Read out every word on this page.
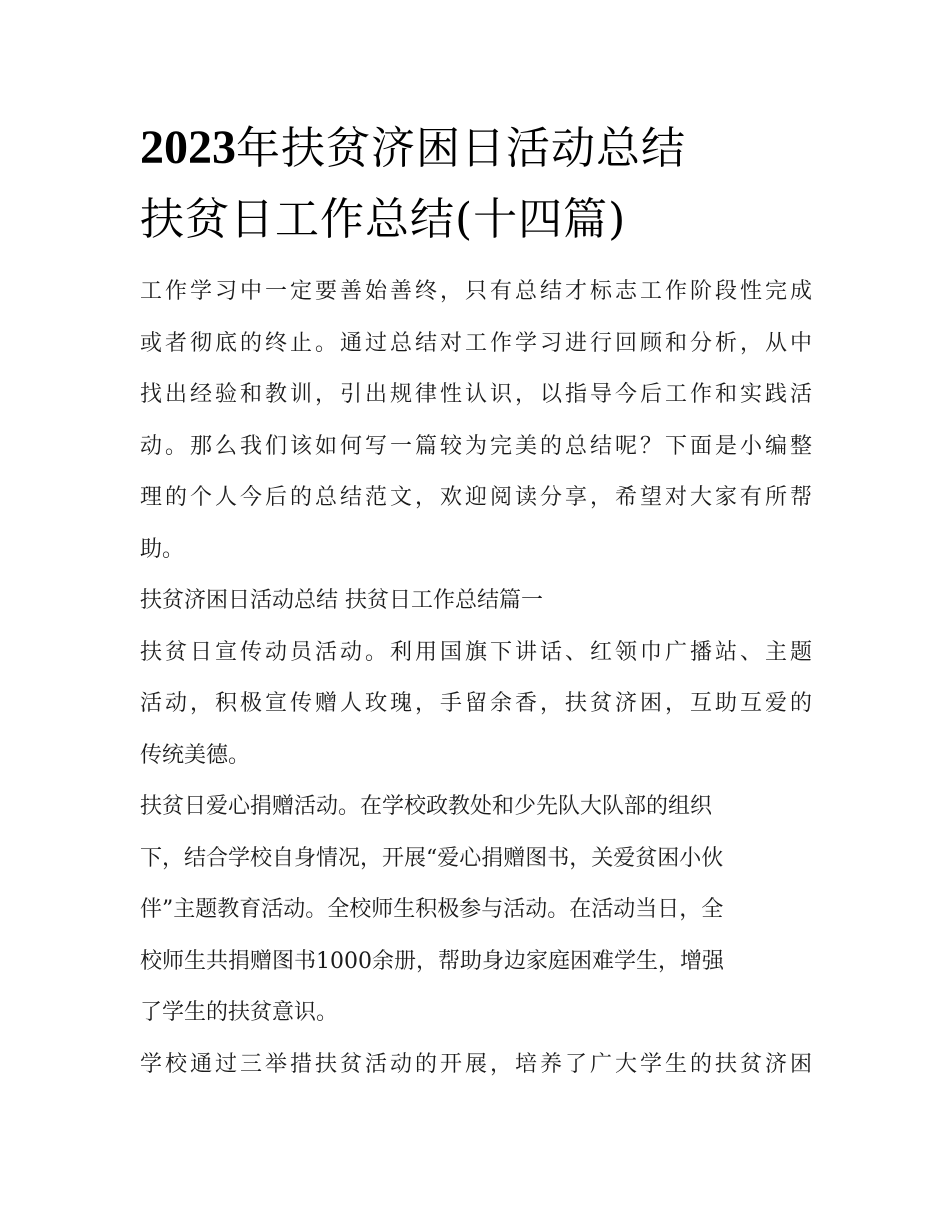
2023年扶贫济困日活动总结
扶贫日工作总结(十四篇)
工作学习中一定要善始善终，只有总结才标志工作阶段性完成
或者彻底的终止。通过总结对工作学习进行回顾和分析，从中
找出经验和教训，引出规律性认识，以指导今后工作和实践活
动。那么我们该如何写一篇较为完美的总结呢？下面是小编整
理的个人今后的总结范文，欢迎阅读分享，希望对大家有所帮
助。
扶贫济困日活动总结 扶贫日工作总结篇一
扶贫日宣传动员活动。利用国旗下讲话、红领巾广播站、主题
活动，积极宣传赠人玫瑰，手留余香，扶贫济困，互助互爱的
传统美德。
扶贫日爱心捐赠活动。在学校政教处和少先队大队部的组织
下，结合学校自身情况，开展“爱心捐赠图书，关爱贫困小伙
伴”主题教育活动。全校师生积极参与活动。在活动当日，全
校师生共捐赠图书1000余册，帮助身边家庭困难学生，增强
了学生的扶贫意识。
学校通过三举措扶贫活动的开展，培养了广大学生的扶贫济困
